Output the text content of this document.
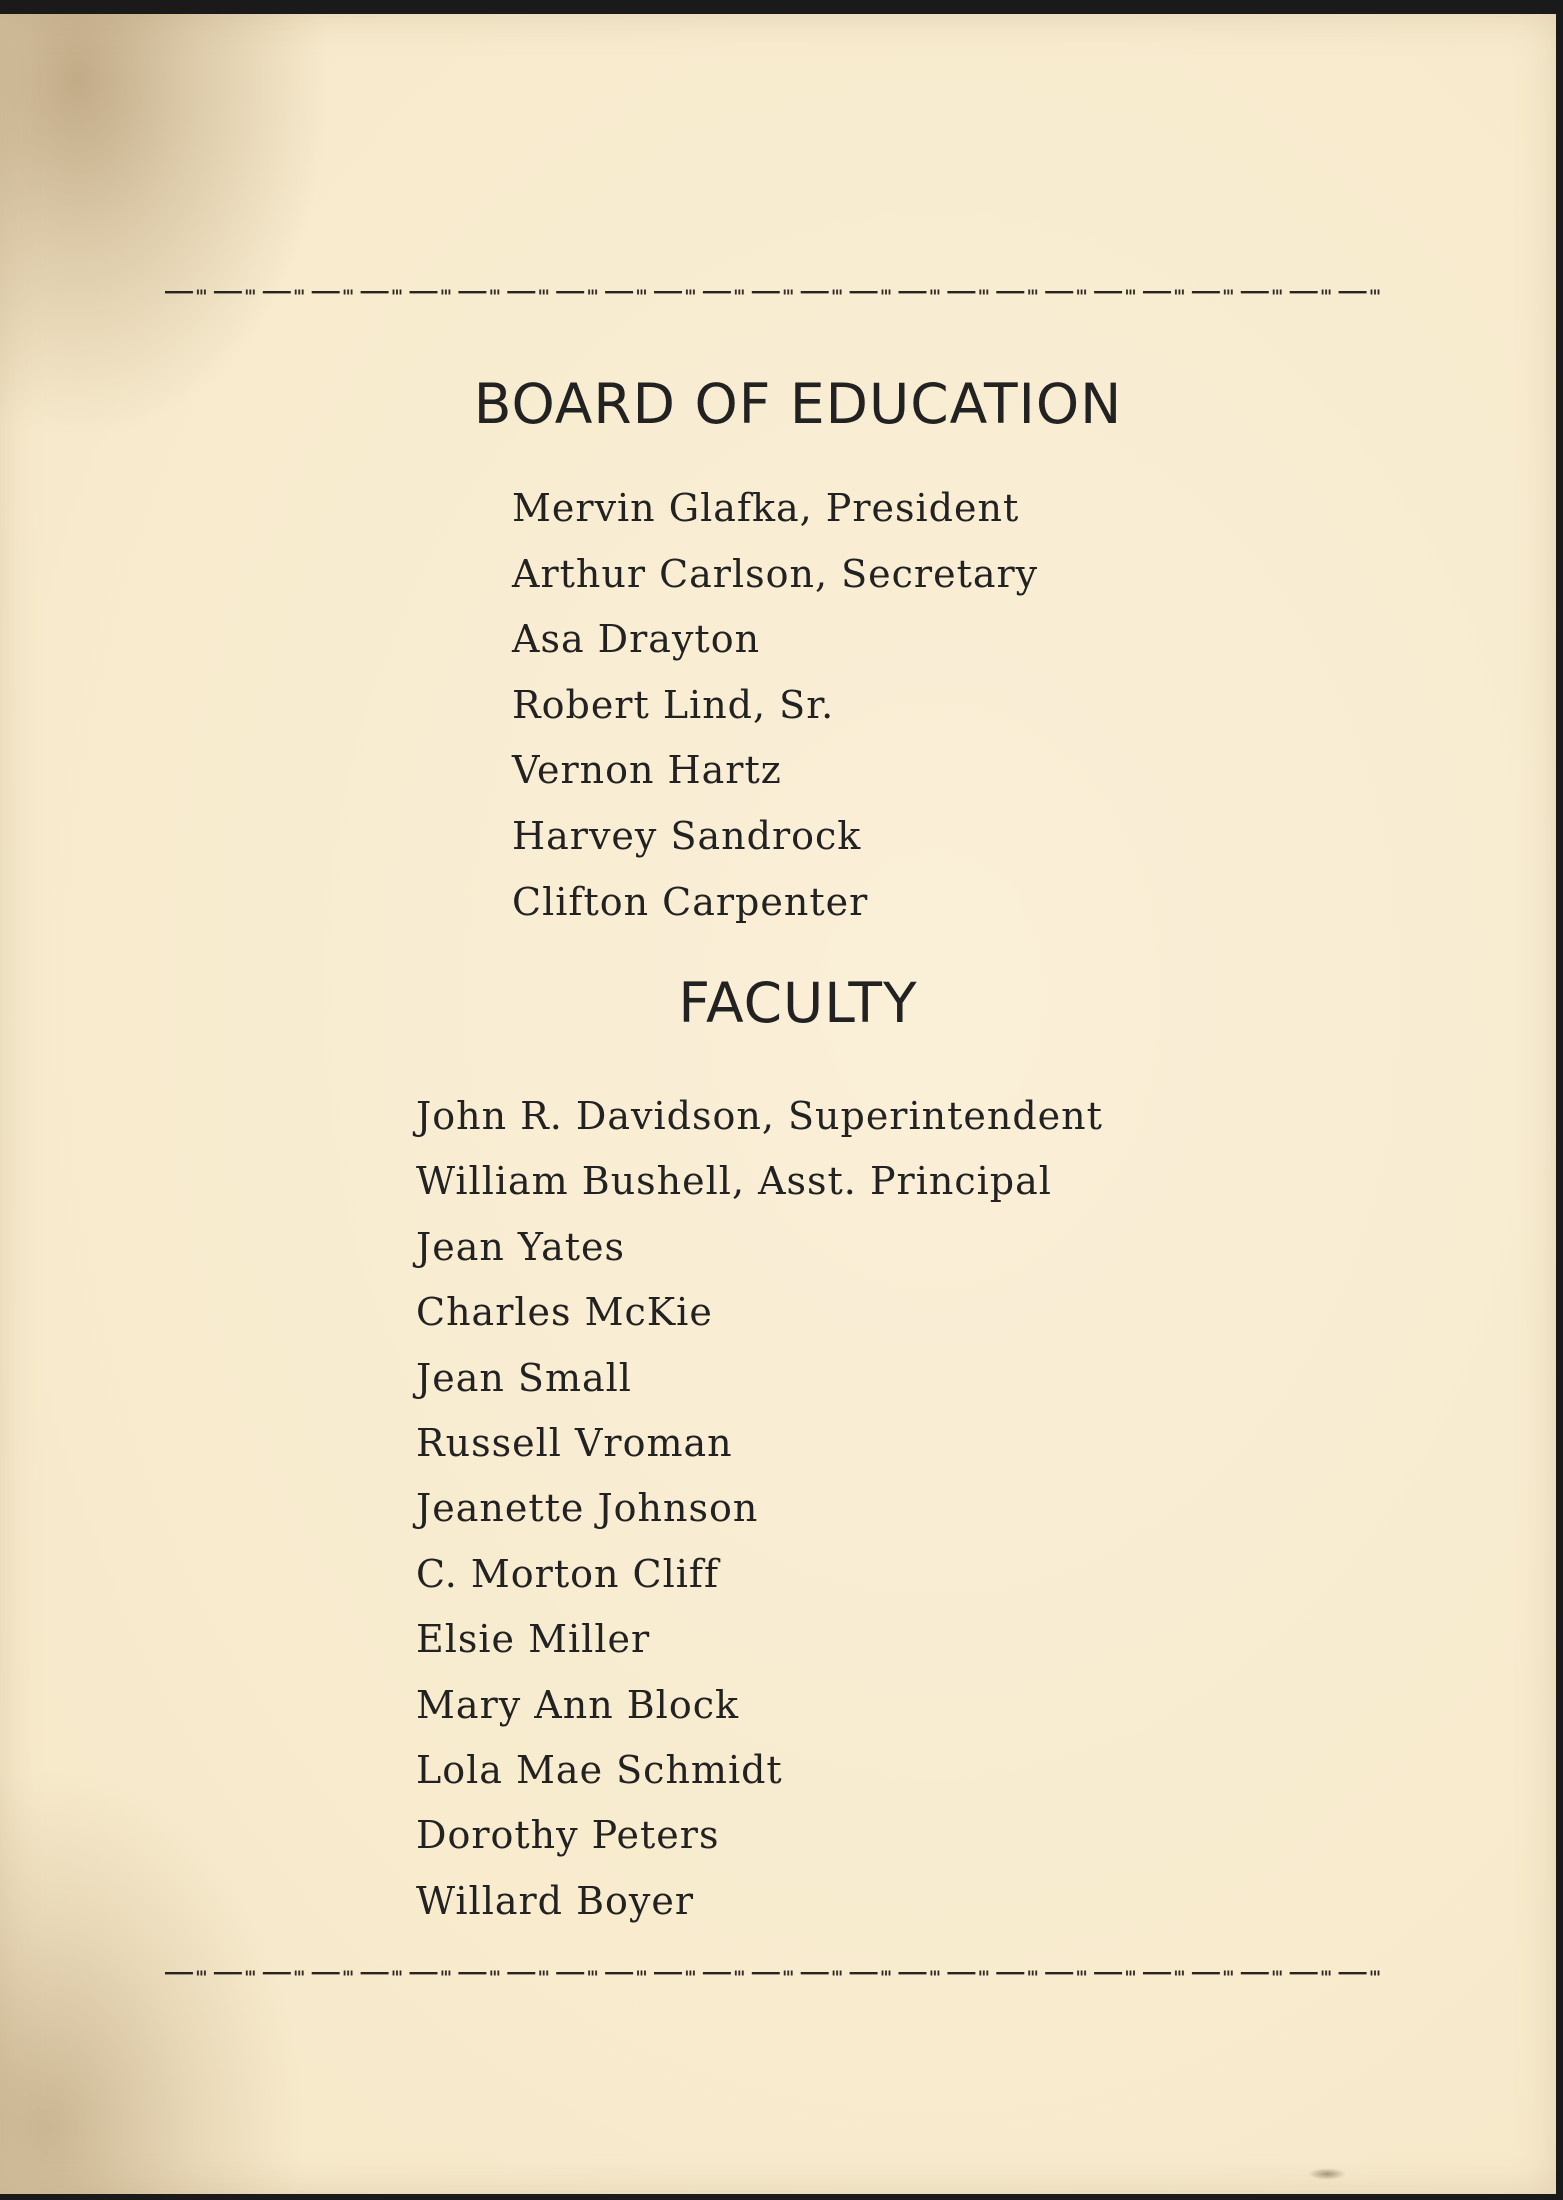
BOARD OF EDUCATION
Mervin Glafka, President
Arthur Carlson, Secretary
Asa Drayton
Robert Lind, Sr.
Vernon Hartz
Harvey Sandrock
Clifton Carpenter
FACULTY
John R. Davidson, Superintendent
William Bushell, Asst. Principal
Jean Yates
Charles McKie
Jean Small
Russell Vroman
Jeanette Johnson
C. Morton Cliff
Elsie Miller
Mary Ann Block
Lola Mae Schmidt
Dorothy Peters
Willard Boyer
